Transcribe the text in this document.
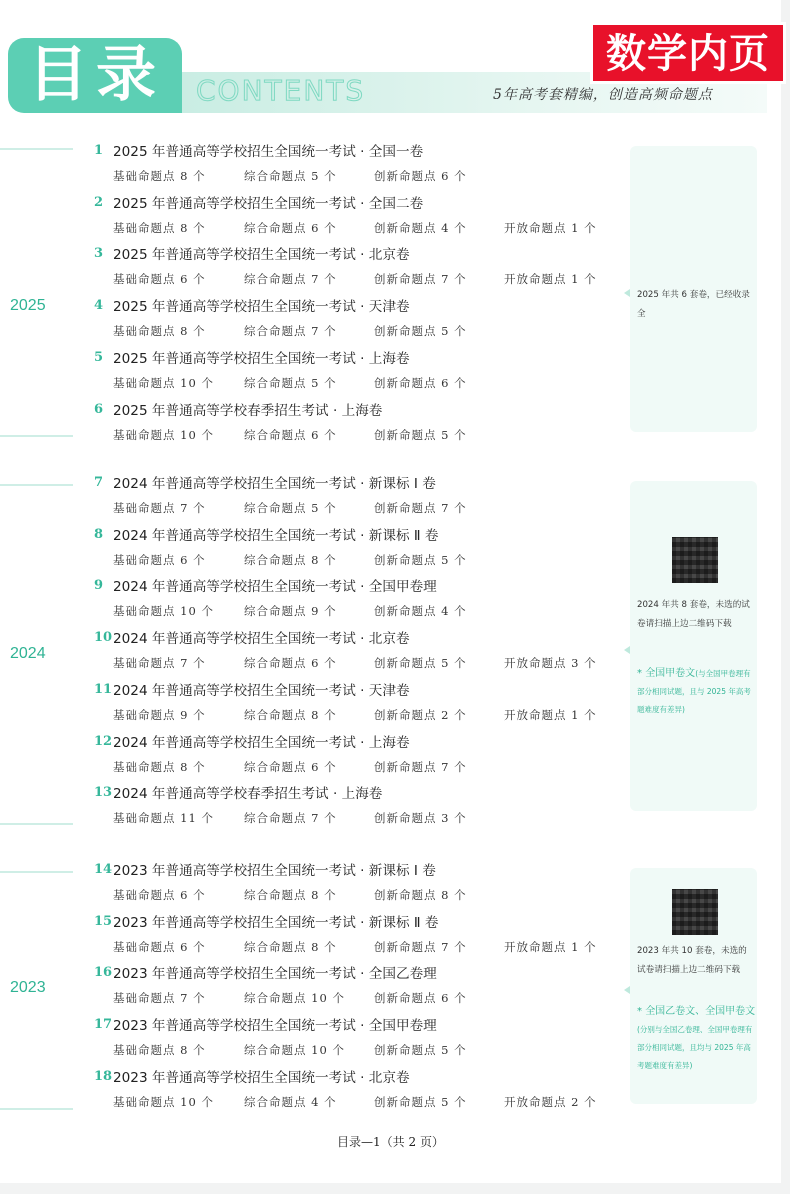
目录	CONTENTS	5年高考套精编，创造高频命题点
目录—1（共 2 页）
数学内页
2025
1 2025 年普通高等学校招生全国统一考试 · 全国一卷
基础命题点 8 个	综合命题点 5 个	创新命题点 6 个
2 2025 年普通高等学校招生全国统一考试 · 全国二卷
基础命题点 8 个	综合命题点 6 个	创新命题点 4 个	开放命题点 1 个
3 2025 年普通高等学校招生全国统一考试 · 北京卷
基础命题点 6 个	综合命题点 7 个	创新命题点 7 个	开放命题点 1 个
4 2025 年普通高等学校招生全国统一考试 · 天津卷
基础命题点 8 个	综合命题点 7 个	创新命题点 5 个
5 2025 年普通高等学校招生全国统一考试 · 上海卷
基础命题点 10 个	综合命题点 5 个	创新命题点 6 个
6 2025 年普通高等学校春季招生考试 · 上海卷
基础命题点 10 个	综合命题点 6 个	创新命题点 5 个
2025 年共 6 套卷，已经收录全
2024
7 2024 年普通高等学校招生全国统一考试 · 新课标 Ⅰ 卷
基础命题点 7 个	综合命题点 5 个	创新命题点 7 个
8 2024 年普通高等学校招生全国统一考试 · 新课标 Ⅱ 卷
基础命题点 6 个	综合命题点 8 个	创新命题点 5 个
9 2024 年普通高等学校招生全国统一考试 · 全国甲卷理
基础命题点 10 个	综合命题点 9 个	创新命题点 4 个
10 2024 年普通高等学校招生全国统一考试 · 北京卷
基础命题点 7 个	综合命题点 6 个	创新命题点 5 个	开放命题点 3 个
11 2024 年普通高等学校招生全国统一考试 · 天津卷
基础命题点 9 个	综合命题点 8 个	创新命题点 2 个	开放命题点 1 个
12 2024 年普通高等学校招生全国统一考试 · 上海卷
基础命题点 8 个	综合命题点 6 个	创新命题点 7 个
13 2024 年普通高等学校春季招生考试 · 上海卷
基础命题点 11 个	综合命题点 7 个	创新命题点 3 个
2024 年共 8 套卷，未选的试卷请扫描上边二维码下载
* 全国甲卷文(与全国甲卷理有部分相同试题，且与 2025 年高考题难度有差异)
2023
14 2023 年普通高等学校招生全国统一考试 · 新课标 Ⅰ 卷
基础命题点 6 个	综合命题点 8 个	创新命题点 8 个
15 2023 年普通高等学校招生全国统一考试 · 新课标 Ⅱ 卷
基础命题点 6 个	综合命题点 8 个	创新命题点 7 个	开放命题点 1 个
16 2023 年普通高等学校招生全国统一考试 · 全国乙卷理
基础命题点 7 个	综合命题点 10 个	创新命题点 6 个
17 2023 年普通高等学校招生全国统一考试 · 全国甲卷理
基础命题点 8 个	综合命题点 10 个	创新命题点 5 个
18 2023 年普通高等学校招生全国统一考试 · 北京卷
基础命题点 10 个	综合命题点 4 个	创新命题点 5 个	开放命题点 2 个
2023 年共 10 套卷，未选的试卷请扫描上边二维码下载
* 全国乙卷文、全国甲卷文(分别与全国乙卷理、全国甲卷理有部分相同试题，且均与 2025 年高考题难度有差异)
